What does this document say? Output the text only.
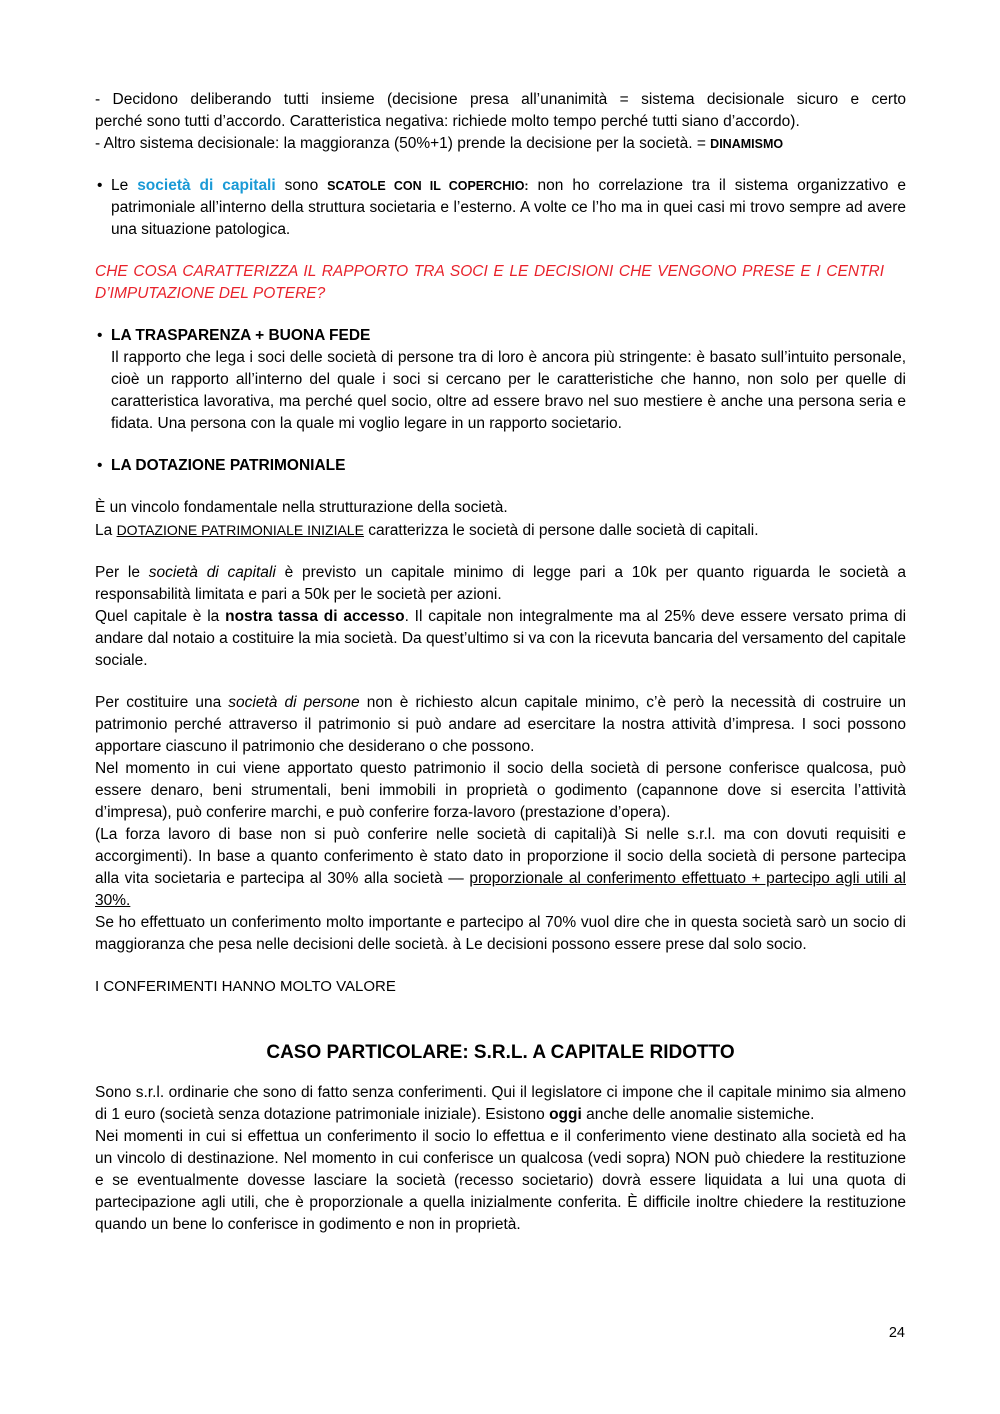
- Decidono deliberando tutti insieme (decisione presa all’unanimità = sistema decisionale sicuro e certo

perché sono tutti d’accordo. Caratteristica negativa: richiede molto tempo perché tutti siano d’accordo).

- Altro sistema decisionale: la maggioranza (50%+1) prende la decisione per la società. = DINAMISMO

• Le società di capitali sono SCATOLE CON IL COPERCHIO: non ho correlazione tra il sistema organizzativo e patrimoniale all’interno della struttura societaria e l’esterno. A volte ce l’ho ma in quei casi mi trovo sempre ad avere una situazione patologica.

CHE COSA CARATTERIZZA IL RAPPORTO TRA SOCI E LE DECISIONI CHE VENGONO PRESE E I CENTRI D’IMPUTAZIONE DEL POTERE?

• LA TRASPARENZA + BUONA FEDE

Il rapporto che lega i soci delle società di persone tra di loro è ancora più stringente: è basato sull’intuito personale, cioè un rapporto all’interno del quale i soci si cercano per le caratteristiche che hanno, non solo per quelle di caratteristica lavorativa, ma perché quel socio, oltre ad essere bravo nel suo mestiere è anche una persona seria e fidata. Una persona con la quale mi voglio legare in un rapporto societario.

• LA DOTAZIONE PATRIMONIALE

È un vincolo fondamentale nella strutturazione della società.

La DOTAZIONE PATRIMONIALE INIZIALE caratterizza le società di persone dalle società di capitali.

Per le società di capitali è previsto un capitale minimo di legge pari a 10k per quanto riguarda le società a responsabilità limitata e pari a 50k per le società per azioni.

Quel capitale è la nostra tassa di accesso. Il capitale non integralmente ma al 25% deve essere versato prima di andare dal notaio a costituire la mia società. Da quest’ultimo si va con la ricevuta bancaria del versamento del capitale sociale.

Per costituire una società di persone non è richiesto alcun capitale minimo, c’è però la necessità di costruire un patrimonio perché attraverso il patrimonio si può andare ad esercitare la nostra attività d’impresa. I soci possono apportare ciascuno il patrimonio che desiderano o che possono.

Nel momento in cui viene apportato questo patrimonio il socio della società di persone conferisce qualcosa, può essere denaro, beni strumentali, beni immobili in proprietà o godimento (capannone dove si esercita l’attività d’impresa), può conferire marchi, e può conferire forza-lavoro (prestazione d’opera).

(La forza lavoro di base non si può conferire nelle società di capitali)à Si nelle s.r.l. ma con dovuti requisiti e accorgimenti). In base a quanto conferimento è stato dato in proporzione il socio della società di persone partecipa alla vita societaria e partecipa al 30% alla società — proporzionale al conferimento effettuato + partecipo agli utili al 30%.

Se ho effettuato un conferimento molto importante e partecipo al 70% vuol dire che in questa società sarò un socio di maggioranza che pesa nelle decisioni delle società. à Le decisioni possono essere prese dal solo socio.

I CONFERIMENTI HANNO MOLTO VALORE

CASO PARTICOLARE: S.R.L. A CAPITALE RIDOTTO

Sono s.r.l. ordinarie che sono di fatto senza conferimenti. Qui il legislatore ci impone che il capitale minimo sia almeno di 1 euro (società senza dotazione patrimoniale iniziale). Esistono oggi anche delle anomalie sistemiche.

Nei momenti in cui si effettua un conferimento il socio lo effettua e il conferimento viene destinato alla società ed ha un vincolo di destinazione. Nel momento in cui conferisce un qualcosa (vedi sopra) NON può chiedere la restituzione e se eventualmente dovesse lasciare la società (recesso societario) dovrà essere liquidata a lui una quota di partecipazione agli utili, che è proporzionale a quella inizialmente conferita. È difficile inoltre chiedere la restituzione quando un bene lo conferisce in godimento e non in proprietà.

24
